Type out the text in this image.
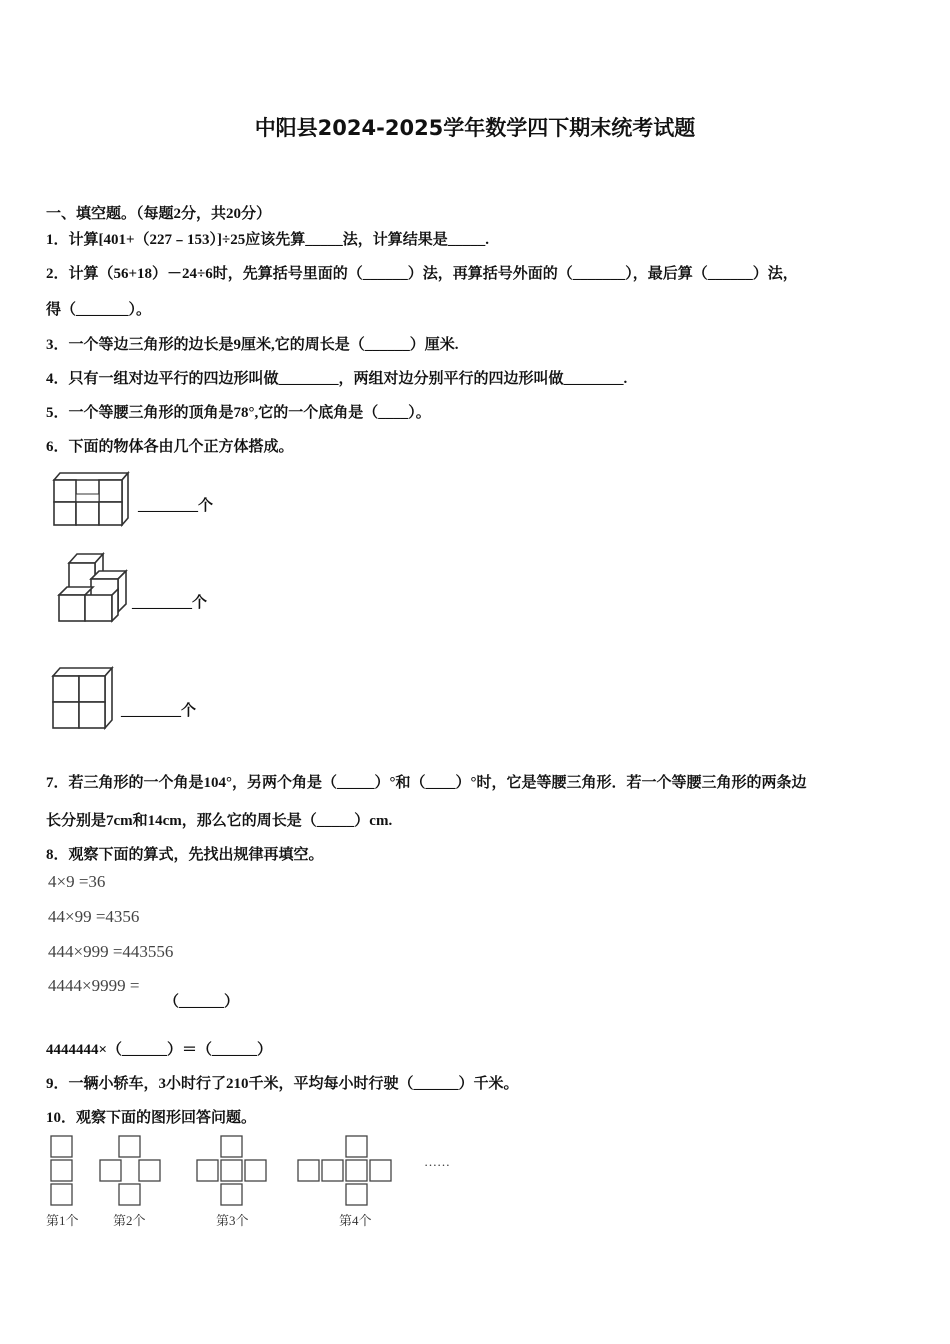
中阳县2024-2025学年数学四下期末统考试题
一、填空题。（每题2分，共20分）
1．计算[401+（227﹣153）]÷25应该先算_____法，计算结果是_____.
2．计算（56+18）－24÷6时，先算括号里面的（______）法，再算括号外面的（_______），最后算（______）法，
得（_______）。
3．一个等边三角形的边长是9厘米,它的周长是（______）厘米.
4．只有一组对边平行的四边形叫做________，两组对边分别平行的四边形叫做________.
5．一个等腰三角形的顶角是78°,它的一个底角是（____）。
6．下面的物体各由几个正方体搭成。
________个
________个
________个
7．若三角形的一个角是104°，另两个角是（_____）°和（____）°时，它是等腰三角形．若一个等腰三角形的两条边
长分别是7cm和14cm，那么它的周长是（_____）cm.
8．观察下面的算式，先找出规律再填空。
4×9 =36
44×99 =4356
444×999 =443556
4444×9999 =
（______）
4444444×（______）＝（______）
9．一辆小轿车，3小时行了210千米，平均每小时行驶（______）千米。
10．观察下面的图形回答问题。
……
第1个	第2个	第3个	第4个
